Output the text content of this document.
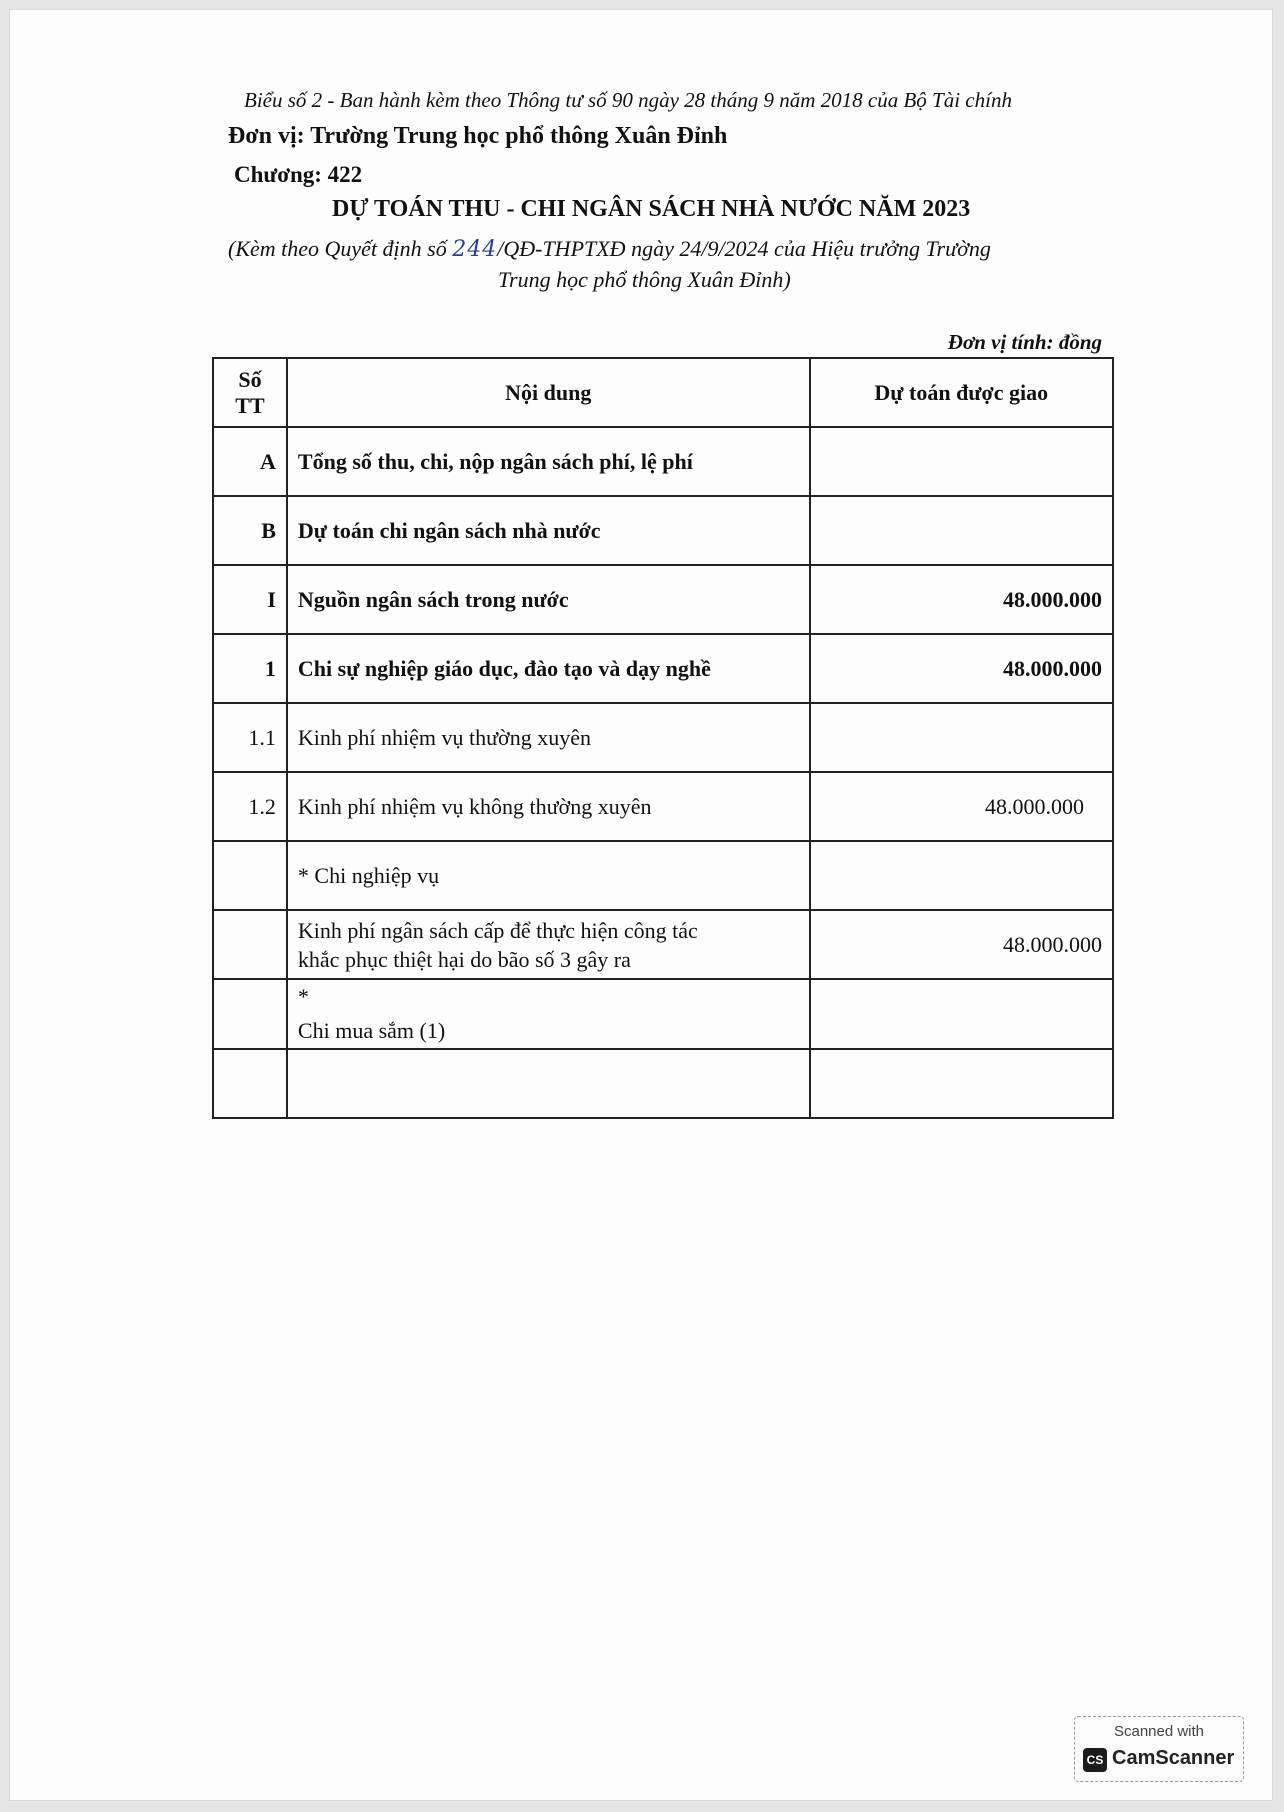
Biểu số 2 - Ban hành kèm theo Thông tư số 90 ngày 28 tháng 9 năm 2018 của Bộ Tài chính
Đơn vị: Trường Trung học phổ thông Xuân Đỉnh
Chương: 422
DỰ TOÁN THU - CHI NGÂN SÁCH NHÀ NƯỚC NĂM 2023
(Kèm theo Quyết định số 244/QĐ-THPTXĐ ngày 24/9/2024 của Hiệu trưởng Trường
Trung học phổ thông Xuân Đỉnh)
Đơn vị tính: đồng
Số
TT	Nội dung	Dự toán được giao
A	Tổng số thu, chi, nộp ngân sách phí, lệ phí	
B	Dự toán chi ngân sách nhà nước	
I	Nguồn ngân sách trong nước	48.000.000
1	Chi sự nghiệp giáo dục, đào tạo và dạy nghề	48.000.000
1.1	Kinh phí nhiệm vụ thường xuyên	
1.2	Kinh phí nhiệm vụ không thường xuyên	48.000.000
	* Chi nghiệp vụ	
	Kinh phí ngân sách cấp để thực hiện công tác
khắc phục thiệt hại do bão số 3 gây ra	48.000.000
	*
Chi mua sắm (1)	

Scanned with
CS CamScanner
